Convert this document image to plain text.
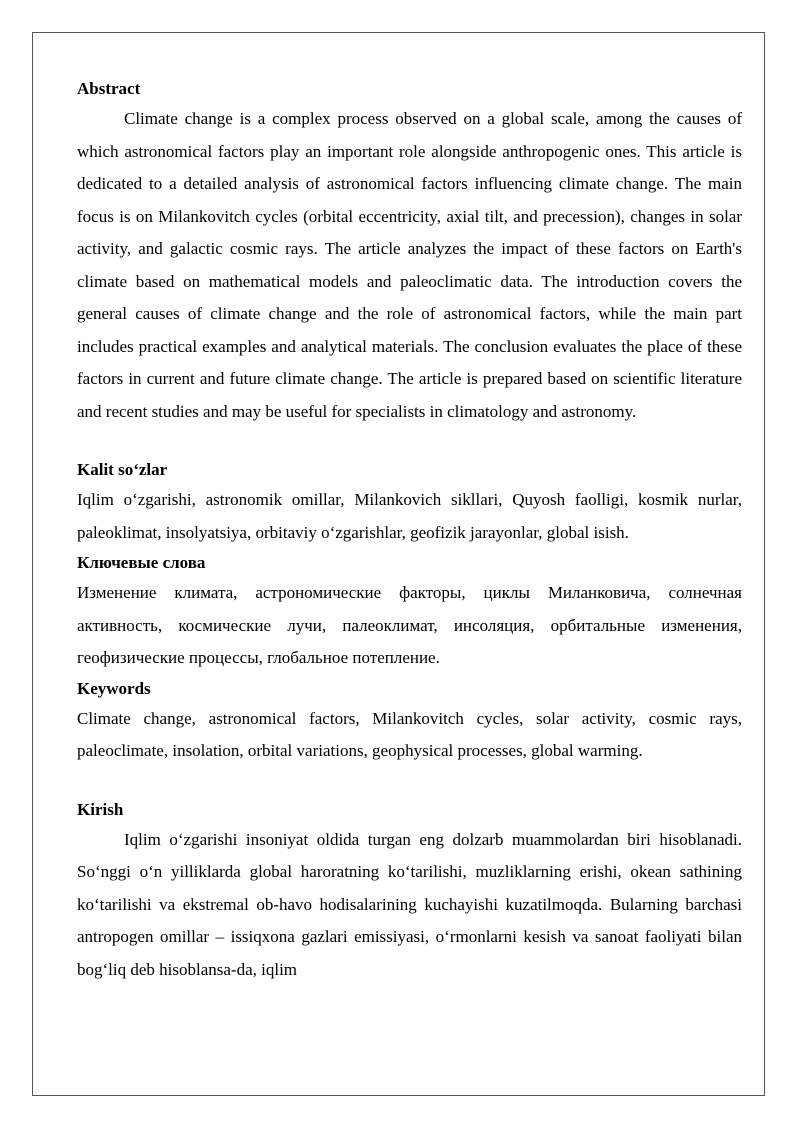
Abstract

Climate change is a complex process observed on a global scale, among the causes of which astronomical factors play an important role alongside anthropogenic ones. This article is dedicated to a detailed analysis of astronomical factors influencing climate change. The main focus is on Milankovitch cycles (orbital eccentricity, axial tilt, and precession), changes in solar activity, and galactic cosmic rays. The article analyzes the impact of these factors on Earth's climate based on mathematical models and paleoclimatic data. The introduction covers the general causes of climate change and the role of astronomical factors, while the main part includes practical examples and analytical materials. The conclusion evaluates the place of these factors in current and future climate change. The article is prepared based on scientific literature and recent studies and may be useful for specialists in climatology and astronomy.

Kalit so‘zlar

Iqlim o‘zgarishi, astronomik omillar, Milankovich sikllari, Quyosh faolligi, kosmik nurlar, paleoklimat, insolyatsiya, orbitaviy o‘zgarishlar, geofizik jarayonlar, global isish.

Ключевые слова

Изменение климата, астрономические факторы, циклы Миланковича, солнечная активность, космические лучи, палеоклимат, инсоляция, орбитальные изменения, геофизические процессы, глобальное потепление.

Keywords

Climate change, astronomical factors, Milankovitch cycles, solar activity, cosmic rays, paleoclimate, insolation, orbital variations, geophysical processes, global warming.

Kirish

Iqlim o‘zgarishi insoniyat oldida turgan eng dolzarb muammolardan biri hisoblanadi. So‘nggi o‘n yilliklarda global haroratning ko‘tarilishi, muzliklarning erishi, okean sathining ko‘tarilishi va ekstremal ob-havo hodisalarining kuchayishi kuzatilmoqda. Bularning barchasi antropogen omillar – issiqxona gazlari emissiyasi, o‘rmonlarni kesish va sanoat faoliyati bilan bog‘liq deb hisoblansa-da, iqlim
